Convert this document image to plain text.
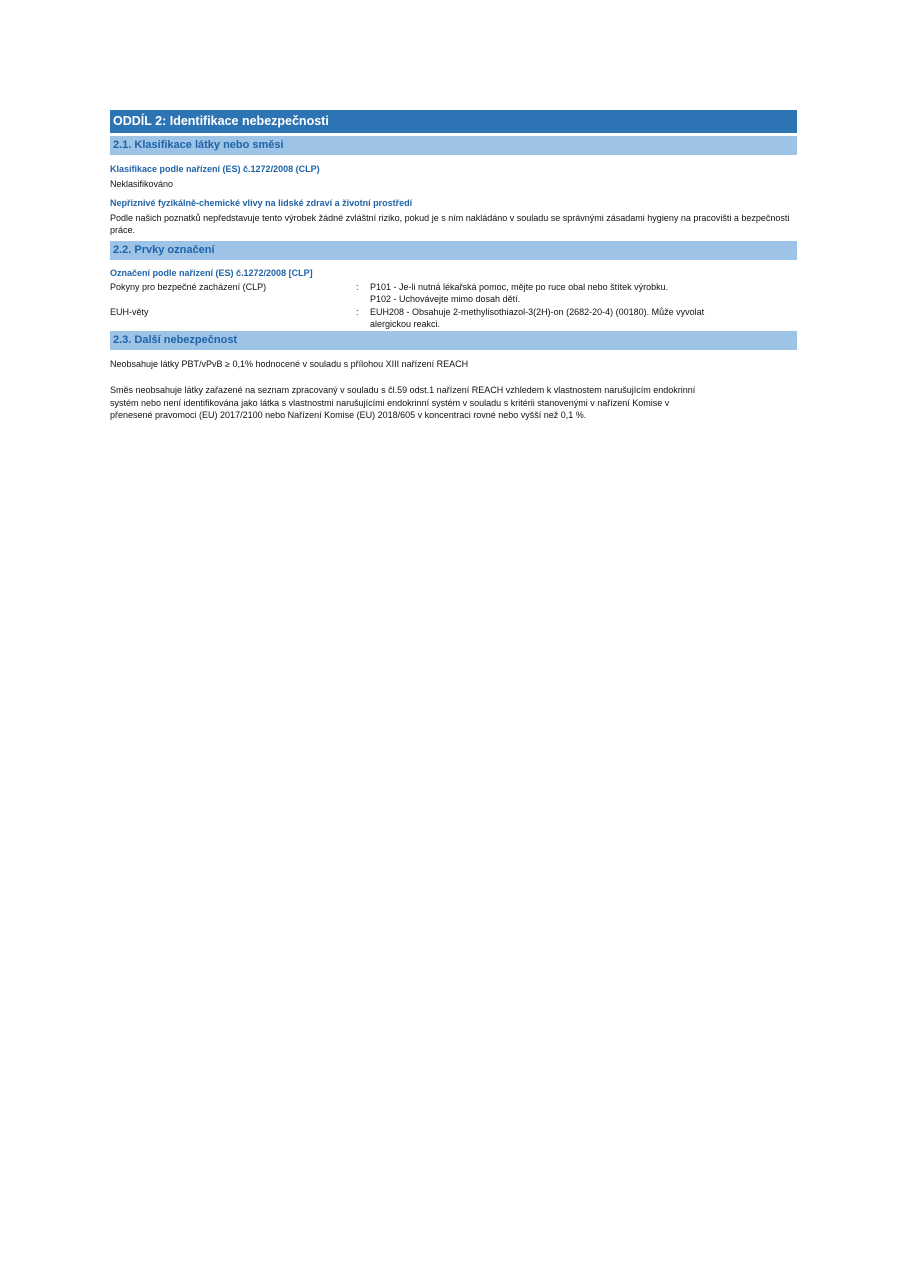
ODDÍL 2: Identifikace nebezpečnosti
2.1. Klasifikace látky nebo směsi
Klasifikace podle nařízení (ES) č.1272/2008 (CLP)
Neklasifikováno
Nepříznivé fyzikálně-chemické vlivy na lidské zdraví a životní prostředí
Podle našich poznatků nepředstavuje tento výrobek žádné zvláštní riziko, pokud je s ním nakládáno v souladu se správnými zásadami hygieny na pracovišti a bezpečnosti práce.
2.2. Prvky označení
Označení podle nařízení (ES) č.1272/2008 [CLP]
Pokyny pro bezpečné zacházení (CLP)	:	P101 - Je-li nutná lékařská pomoc, mějte po ruce obal nebo štítek výrobku.
P102 - Uchovávejte mimo dosah dětí.
EUH-věty	:	EUH208 - Obsahuje 2-methylisothiazol-3(2H)-on (2682-20-4) (00180). Může vyvolat
alergickou reakci.
2.3. Další nebezpečnost
Neobsahuje látky PBT/vPvB ≥ 0,1% hodnocené v souladu s přílohou XIII nařízení REACH
Směs neobsahuje látky zařazené na seznam zpracovaný v souladu s čl.59 odst.1 nařízení REACH vzhledem k vlastnostem narušujícím endokrinní
systém nebo není identifikována jako látka s vlastnostmi narušujícími endokrinní systém v souladu s kritérii stanovenými v nařízení Komise v
přenesené pravomoci (EU) 2017/2100 nebo Nařízení Komise (EU) 2018/605 v koncentraci rovné nebo vyšší než 0,1 %.
